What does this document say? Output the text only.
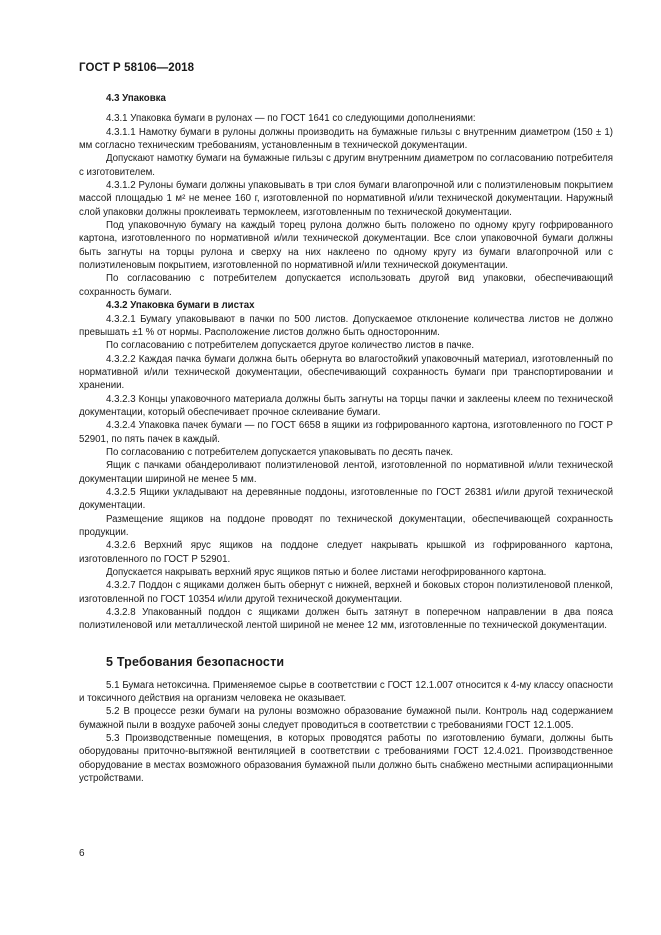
ГОСТ Р 58106—2018

4.3 Упаковка

4.3.1 Упаковка бумаги в рулонах — по ГОСТ 1641 со следующими дополнениями:

4.3.1.1 Намотку бумаги в рулоны должны производить на бумажные гильзы с внутренним диаметром (150 ± 1) мм согласно техническим требованиям, установленным в технической документации.

Допускают намотку бумаги на бумажные гильзы с другим внутренним диаметром по согласованию потребителя с изготовителем.

4.3.1.2 Рулоны бумаги должны упаковывать в три слоя бумаги влагопрочной или с полиэтиленовым покрытием массой площадью 1 м² не менее 160 г, изготовленной по нормативной и/или технической документации. Наружный слой упаковки должны проклеивать термоклеем, изготовленным по технической документации.

Под упаковочную бумагу на каждый торец рулона должно быть положено по одному кругу гофрированного картона, изготовленного по нормативной и/или технической документации. Все слои упаковочной бумаги должны быть загнуты на торцы рулона и сверху на них наклеено по одному кругу из бумаги влагопрочной или с полиэтиленовым покрытием, изготовленной по нормативной и/или технической документации.

По согласованию с потребителем допускается использовать другой вид упаковки, обеспечивающий сохранность бумаги.

4.3.2 Упаковка бумаги в листах

4.3.2.1 Бумагу упаковывают в пачки по 500 листов. Допускаемое отклонение количества листов не должно превышать ±1 % от нормы. Расположение листов должно быть односторонним.

По согласованию с потребителем допускается другое количество листов в пачке.

4.3.2.2 Каждая пачка бумаги должна быть обернута во влагостойкий упаковочный материал, изготовленный по нормативной и/или технической документации, обеспечивающий сохранность бумаги при транспортировании и хранении.

4.3.2.3 Концы упаковочного материала должны быть загнуты на торцы пачки и заклеены клеем по технической документации, который обеспечивает прочное склеивание бумаги.

4.3.2.4 Упаковка пачек бумаги — по ГОСТ 6658 в ящики из гофрированного картона, изготовленного по ГОСТ Р 52901, по пять пачек в каждый.

По согласованию с потребителем допускается упаковывать по десять пачек.

Ящик с пачками обандероливают полиэтиленовой лентой, изготовленной по нормативной и/или технической документации шириной не менее 5 мм.

4.3.2.5 Ящики укладывают на деревянные поддоны, изготовленные по ГОСТ 26381 и/или другой технической документации.

Размещение ящиков на поддоне проводят по технической документации, обеспечивающей сохранность продукции.

4.3.2.6 Верхний ярус ящиков на поддоне следует накрывать крышкой из гофрированного картона, изготовленного по ГОСТ Р 52901.

Допускается накрывать верхний ярус ящиков пятью и более листами негофрированного картона.

4.3.2.7 Поддон с ящиками должен быть обернут с нижней, верхней и боковых сторон полиэтиленовой пленкой, изготовленной по ГОСТ 10354 и/или другой технической документации.

4.3.2.8 Упакованный поддон с ящиками должен быть затянут в поперечном направлении в два пояса полиэтиленовой или металлической лентой шириной не менее 12 мм, изготовленные по технической документации.

5 Требования безопасности

5.1 Бумага нетоксична. Применяемое сырье в соответствии с ГОСТ 12.1.007 относится к 4-му классу опасности и токсичного действия на организм человека не оказывает.

5.2 В процессе резки бумаги на рулоны возможно образование бумажной пыли. Контроль над содержанием бумажной пыли в воздухе рабочей зоны следует проводиться в соответствии с требованиями ГОСТ 12.1.005.

5.3 Производственные помещения, в которых проводятся работы по изготовлению бумаги, должны быть оборудованы приточно-вытяжной вентиляцией в соответствии с требованиями ГОСТ 12.4.021. Производственное оборудование в местах возможного образования бумажной пыли должно быть снабжено местными аспирационными устройствами.

6
